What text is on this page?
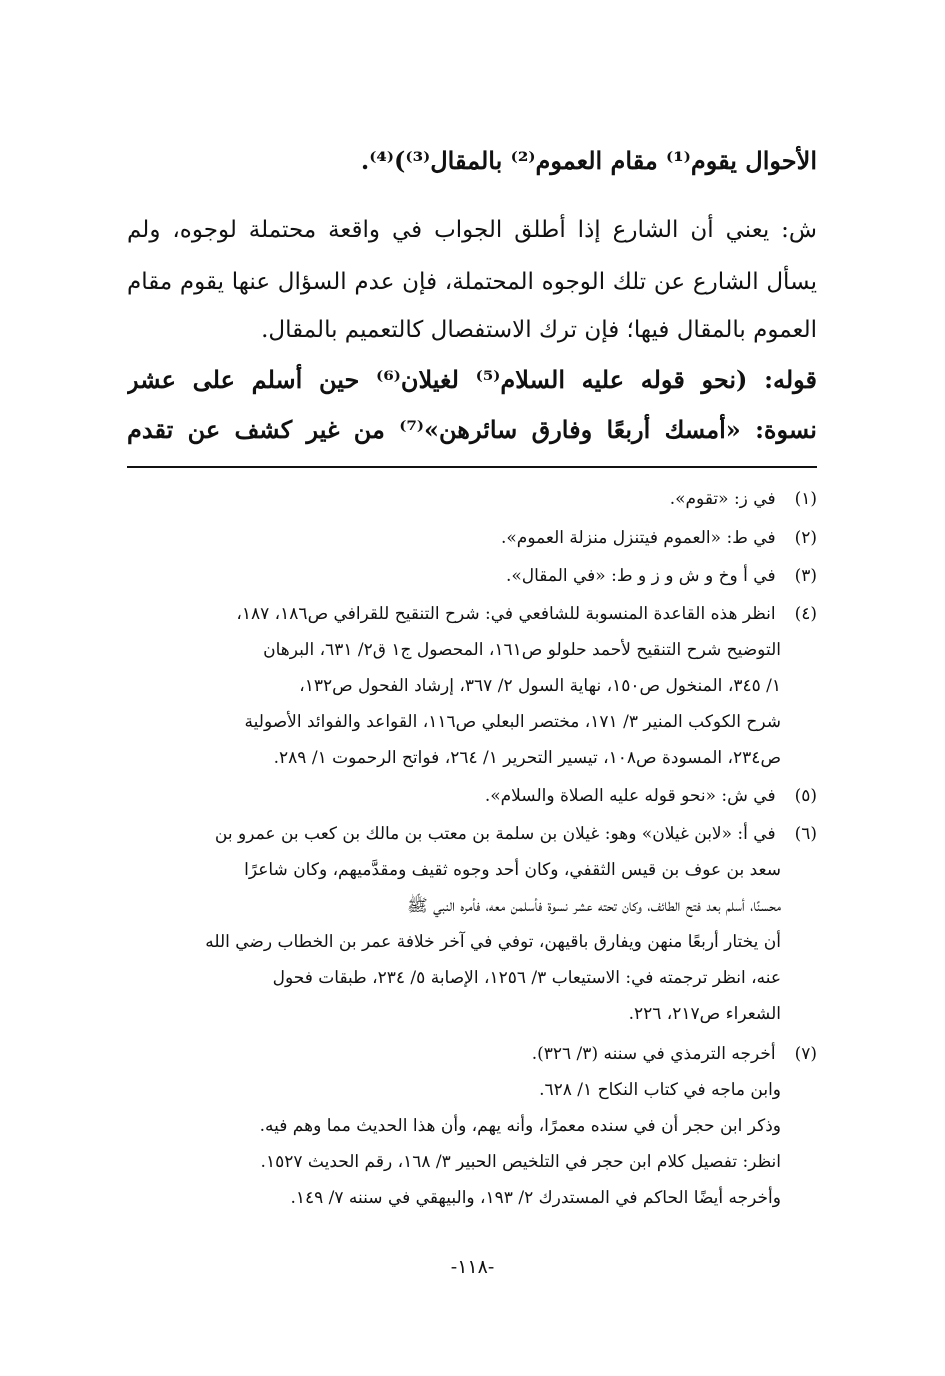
الأحوال يقوم⁽¹⁾ مقام العموم⁽²⁾ بالمقال⁽³⁾)⁽⁴⁾.
ش: يعني أن الشارع إذا أطلق الجواب في واقعة محتملة لوجوه، ولم
يسأل الشارع عن تلك الوجوه المحتملة، فإن عدم السؤال عنها يقوم مقام
العموم بالمقال فيها؛ فإن ترك الاستفصال كالتعميم بالمقال.
قوله: (نحو قوله عليه السلام⁽⁵⁾ لغيلان⁽⁶⁾ حين أسلم على عشر
نسوة: «أمسك أربعًا وفارق سائرهن»⁽⁷⁾ من غير كشف عن تقدم
(١) في ز: «تقوم».
(٢) في ط: «العموم فيتنزل منزلة العموم».
(٣) في أ وخ و ش و ز و ط: «في المقال».
(٤) انظر هذه القاعدة المنسوبة للشافعي في: شرح التنقيح للقرافي ص١٨٦، ١٨٧،
التوضيح شرح التنقيح لأحمد حلولو ص١٦١، المحصول ج١ ق٢/ ٦٣١، البرهان
١/ ٣٤٥، المنخول ص١٥٠، نهاية السول ٢/ ٣٦٧، إرشاد الفحول ص١٣٢،
شرح الكوكب المنير ٣/ ١٧١، مختصر البعلي ص١١٦، القواعد والفوائد الأصولية
ص٢٣٤، المسودة ص١٠٨، تيسير التحرير ١/ ٢٦٤، فواتح الرحموت ١/ ٢٨٩.
(٥) في ش: «نحو قوله عليه الصلاة والسلام».
(٦) في أ: «لابن غيلان» وهو: غيلان بن سلمة بن معتب بن مالك بن كعب بن عمرو بن
سعد بن عوف بن قيس الثقفي، وكان أحد وجوه ثقيف ومقدَّميهم، وكان شاعرًا
محسنًا، أسلم بعد فتح الطائف، وكان تحته عشر نسوة فأسلمن معه، فأمره النبي ﷺ
أن يختار أربعًا منهن ويفارق باقيهن، توفي في آخر خلافة عمر بن الخطاب رضي الله
عنه، انظر ترجمته في: الاستيعاب ٣/ ١٢٥٦، الإصابة ٥/ ٢٣٤، طبقات فحول
الشعراء ص٢١٧، ٢٢٦.
(٧) أخرجه الترمذي في سننه (٣/ ٣٢٦).
وابن ماجه في كتاب النكاح ١/ ٦٢٨.
وذكر ابن حجر أن في سنده معمرًا، وأنه يهم، وأن هذا الحديث مما وهم فيه.
انظر: تفصيل كلام ابن حجر في التلخيص الحبير ٣/ ١٦٨، رقم الحديث ١٥٢٧.
وأخرجه أيضًا الحاكم في المستدرك ٢/ ١٩٣، والبيهقي في سننه ٧/ ١٤٩.
-١١٨-
